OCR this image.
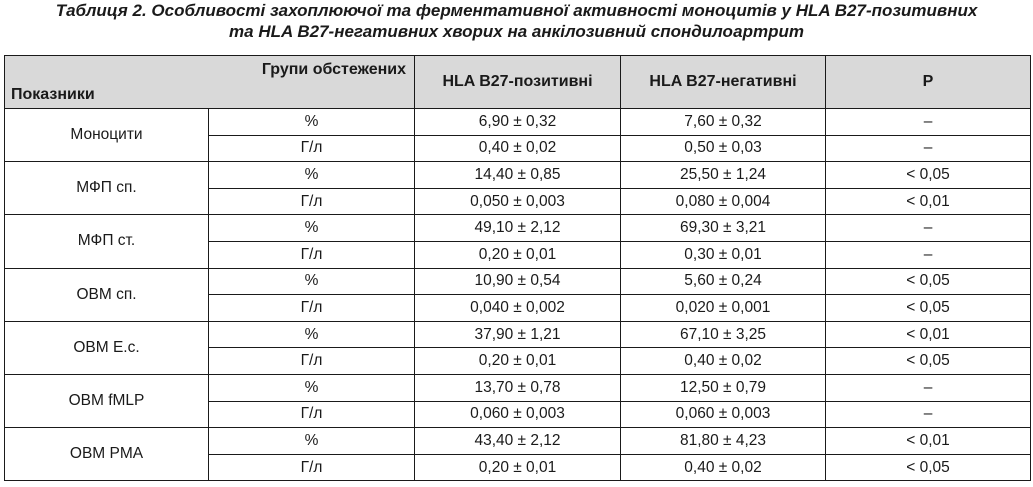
Таблиця 2. Особливості захоплюючої та ферментативної активності моноцитів у HLA B27-позитивних
та HLA B27-негативних хворих на анкілозивний спондилоартрит
Групи обстежених
Показники		HLA B27-позитивні	HLA B27-негативні	P
Моноцити	%	6,90 ± 0,32	7,60 ± 0,32	–
	Г/л	0,40 ± 0,02	0,50 ± 0,03	–
МФП сп.	%	14,40 ± 0,85	25,50 ± 1,24	< 0,05
	Г/л	0,050 ± 0,003	0,080 ± 0,004	< 0,01
МФП ст.	%	49,10 ± 2,12	69,30 ± 3,21	–
	Г/л	0,20 ± 0,01	0,30 ± 0,01	–
ОВМ сп.	%	10,90 ± 0,54	5,60 ± 0,24	< 0,05
	Г/л	0,040 ± 0,002	0,020 ± 0,001	< 0,05
ОВМ E.c.	%	37,90 ± 1,21	67,10 ± 3,25	< 0,01
	Г/л	0,20 ± 0,01	0,40 ± 0,02	< 0,05
ОВМ fMLP	%	13,70 ± 0,78	12,50 ± 0,79	–
	Г/л	0,060 ± 0,003	0,060 ± 0,003	–
ОВМ PMA	%	43,40 ± 2,12	81,80 ± 4,23	< 0,01
	Г/л	0,20 ± 0,01	0,40 ± 0,02	< 0,05
